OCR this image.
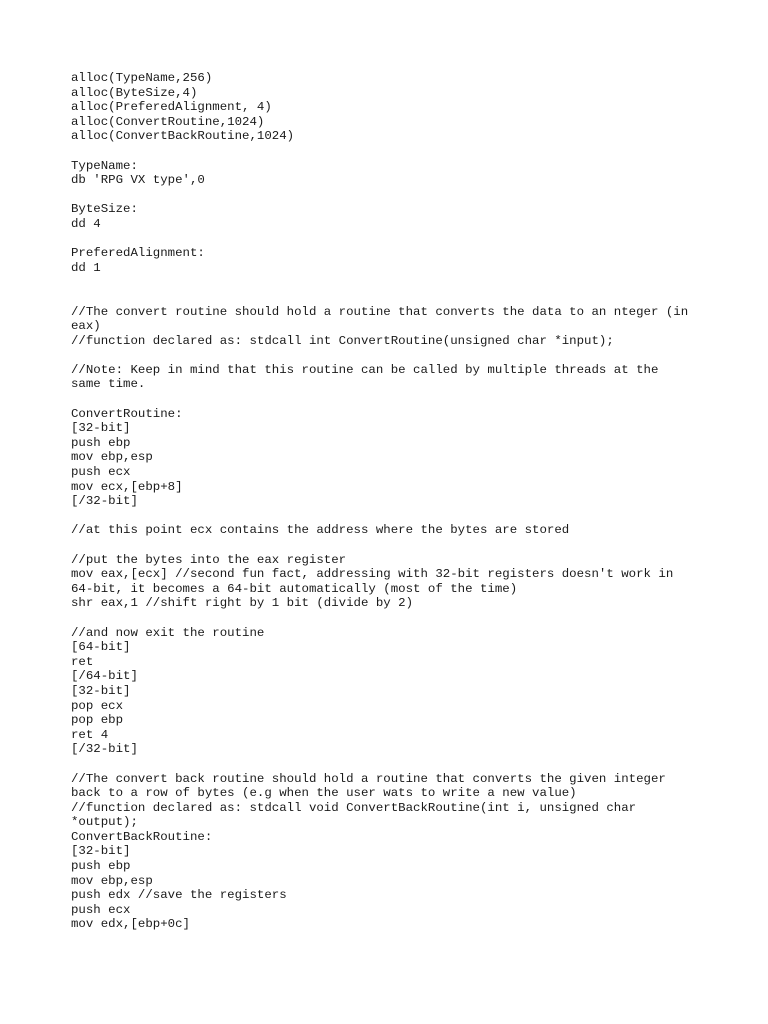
alloc(TypeName,256)
alloc(ByteSize,4)
alloc(PreferedAlignment, 4)
alloc(ConvertRoutine,1024)
alloc(ConvertBackRoutine,1024)
TypeName:
db 'RPG VX type',0
ByteSize:
dd 4
PreferedAlignment:
dd 1
//The convert routine should hold a routine that converts the data to an nteger (in
eax)
//function declared as: stdcall int ConvertRoutine(unsigned char *input);
//Note: Keep in mind that this routine can be called by multiple threads at the
same time.
ConvertRoutine:
[32-bit]
push ebp
mov ebp,esp
push ecx
mov ecx,[ebp+8]
[/32-bit]
//at this point ecx contains the address where the bytes are stored
//put the bytes into the eax register
mov eax,[ecx] //second fun fact, addressing with 32-bit registers doesn't work in
64-bit, it becomes a 64-bit automatically (most of the time)
shr eax,1 //shift right by 1 bit (divide by 2)
//and now exit the routine
[64-bit]
ret
[/64-bit]
[32-bit]
pop ecx
pop ebp
ret 4
[/32-bit]
//The convert back routine should hold a routine that converts the given integer
back to a row of bytes (e.g when the user wats to write a new value)
//function declared as: stdcall void ConvertBackRoutine(int i, unsigned char
*output);
ConvertBackRoutine:
[32-bit]
push ebp
mov ebp,esp
push edx //save the registers
push ecx
mov edx,[ebp+0c]
